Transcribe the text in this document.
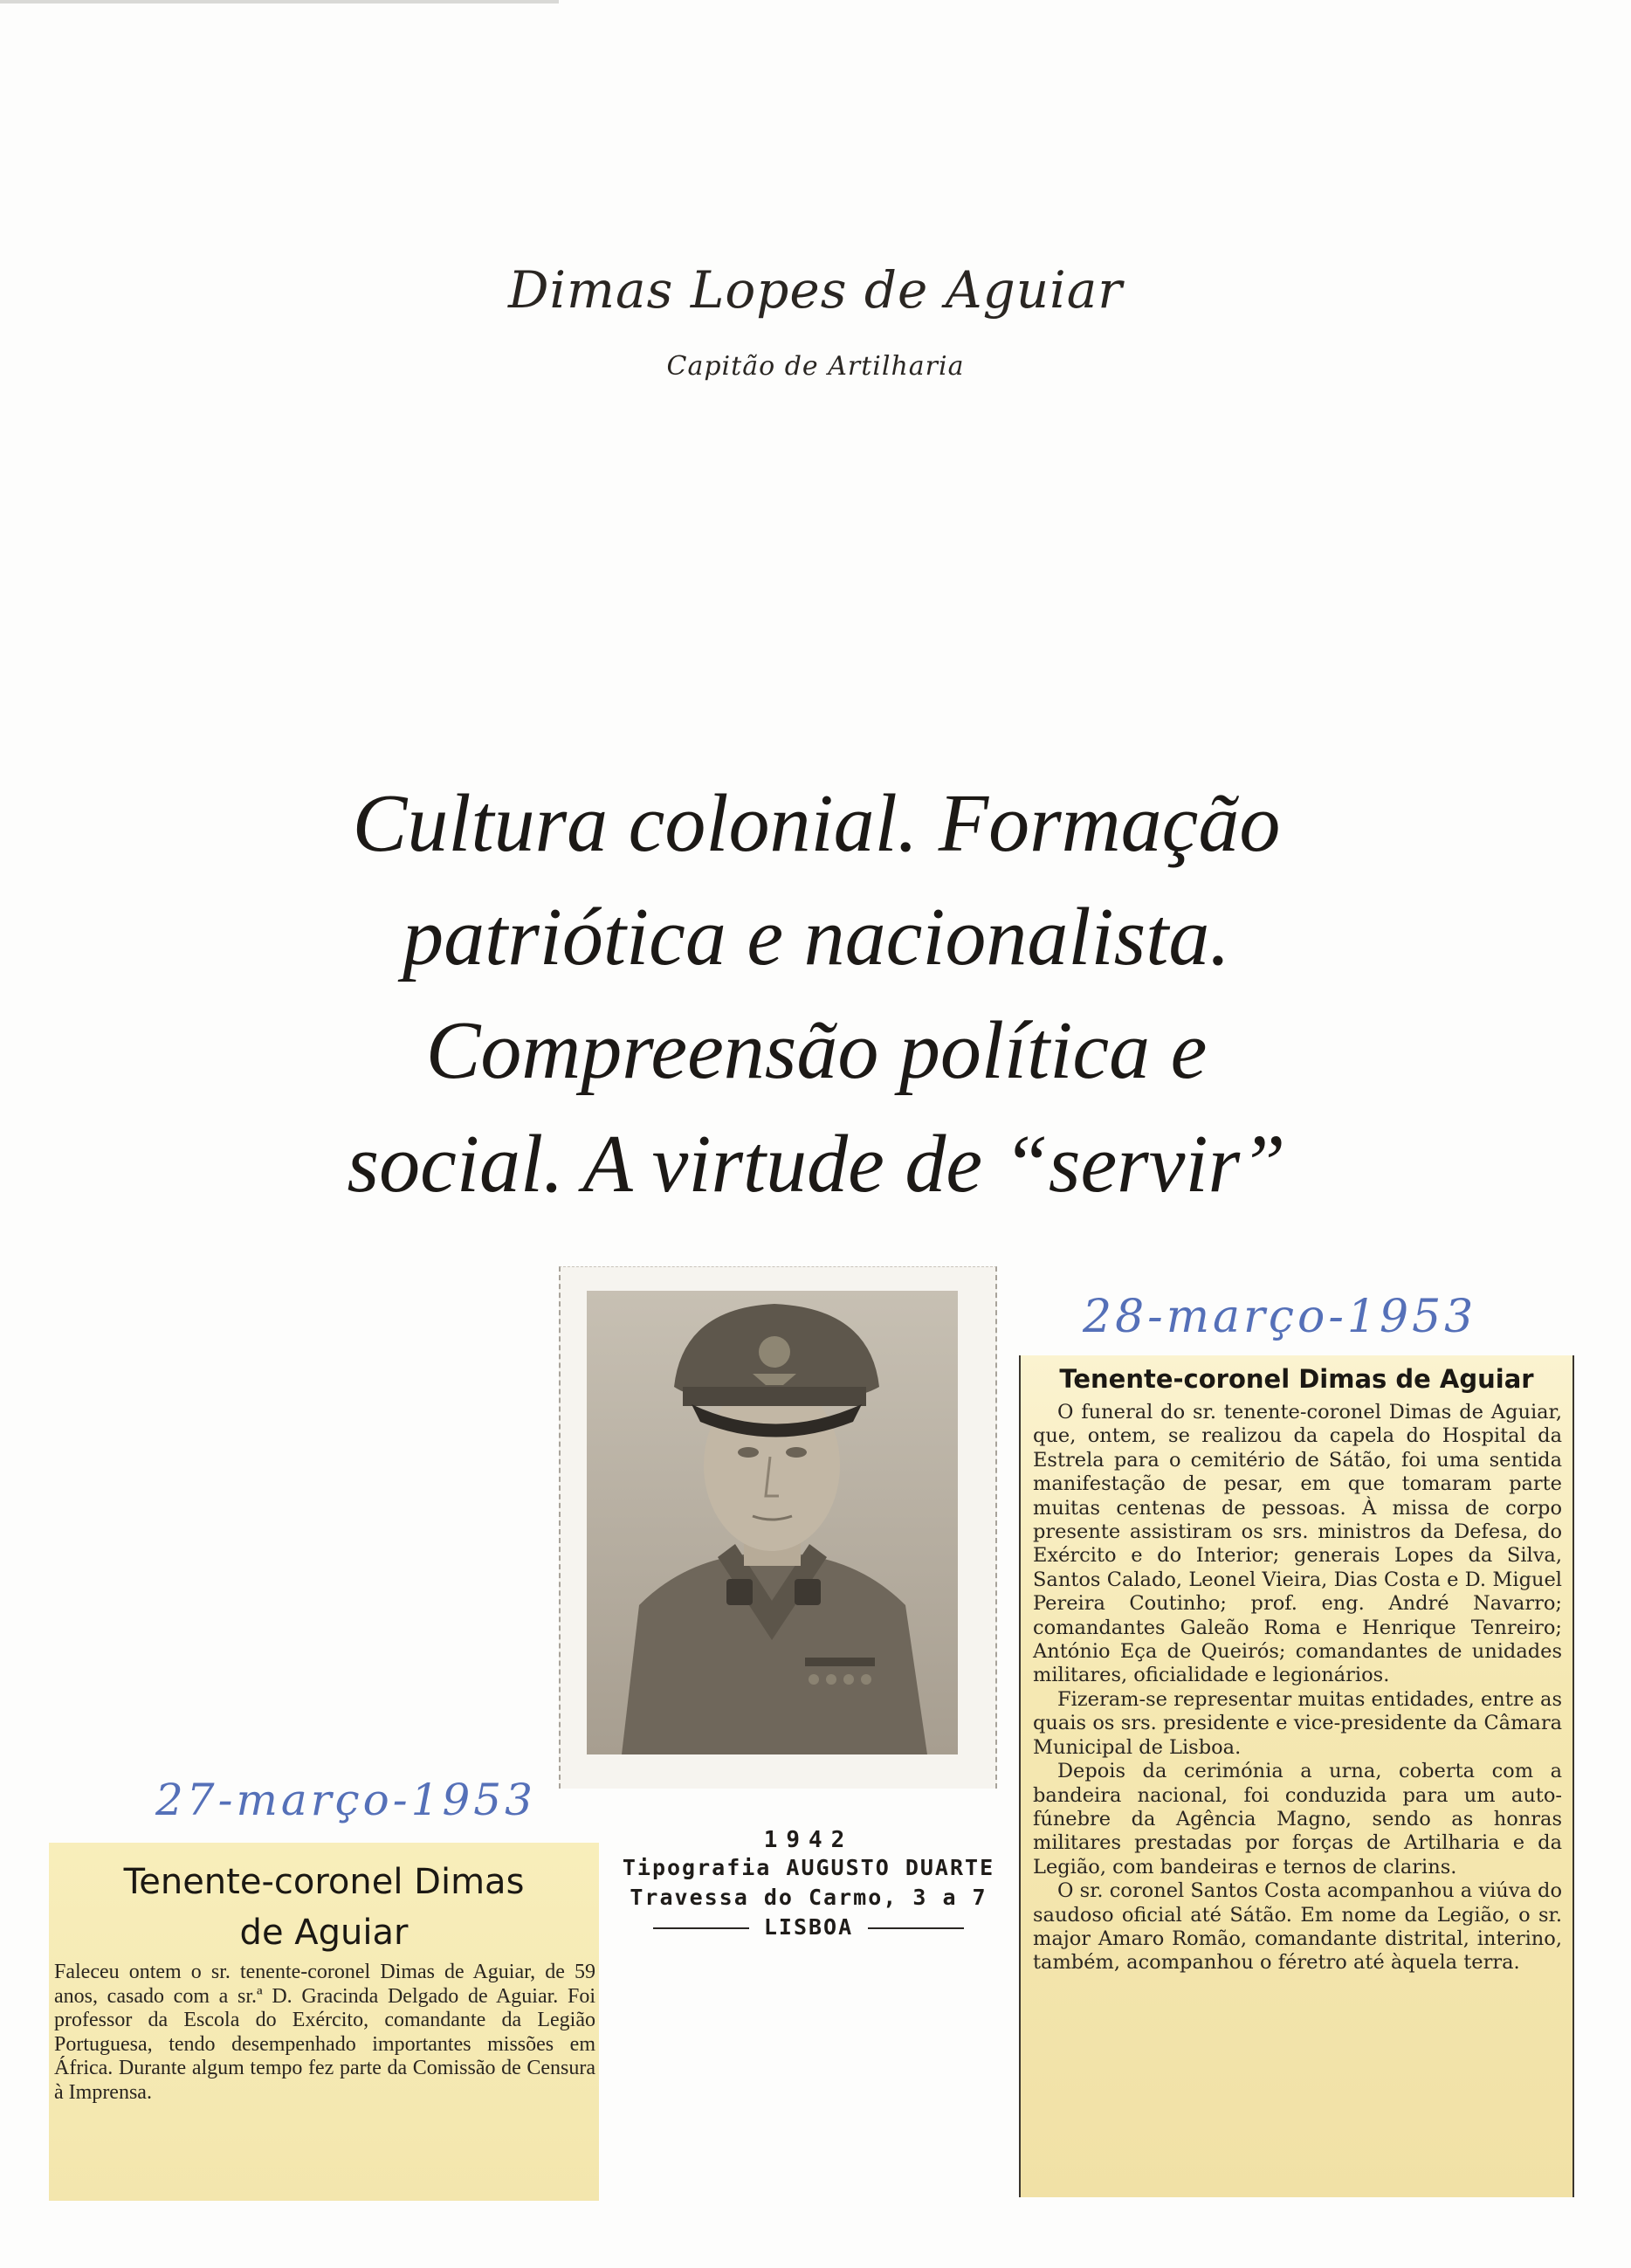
Dimas Lopes de Aguiar
Capitão de Artilharia
Cultura colonial. Formação
patriótica e nacionalista.
Compreensão política e
social. A virtude de “servir”
1942
Tipografia AUGUSTO DUARTE
Travessa do Carmo, 3 a 7
LISBOA
27-março-1953
Tenente-coronel Dimas
de Aguiar
Faleceu ontem o sr. tenente-coronel Dimas de Aguiar, de 59 anos, casado com a sr.ª D. Gracinda Delgado de Aguiar. Foi professor da Escola do Exército, comandante da Legião Portuguesa, tendo desempenhado importantes missões em África. Durante algum tempo fez parte da Comissão de Censura à Imprensa.
28-março-1953
Tenente-coronel Dimas de Aguiar

O funeral do sr. tenente-coronel Dimas de Aguiar, que, ontem, se realizou da capela do Hospital da Estrela para o cemitério de Sátão, foi uma sentida manifestação de pesar, em que tomaram parte muitas centenas de pessoas. À missa de corpo presente assistiram os srs. ministros da Defesa, do Exército e do Interior; generais Lopes da Silva, Santos Calado, Leonel Vieira, Dias Costa e D. Miguel Pereira Coutinho; prof. eng. André Navarro; comandantes Galeão Roma e Henrique Tenreiro; António Eça de Queirós; comandantes de unidades militares, oficialidade e legionários.

Fizeram-se representar muitas entidades, entre as quais os srs. presidente e vice-presidente da Câmara Municipal de Lisboa.

Depois da cerimónia a urna, coberta com a bandeira nacional, foi conduzida para um auto-fúnebre da Agência Magno, sendo as honras militares prestadas por forças de Artilharia e da Legião, com bandeiras e ternos de clarins.

O sr. coronel Santos Costa acompanhou a viúva do saudoso oficial até Sátão. Em nome da Legião, o sr. major Amaro Romão, comandante distrital, interino, também, acompanhou o féretro até àquela terra.
